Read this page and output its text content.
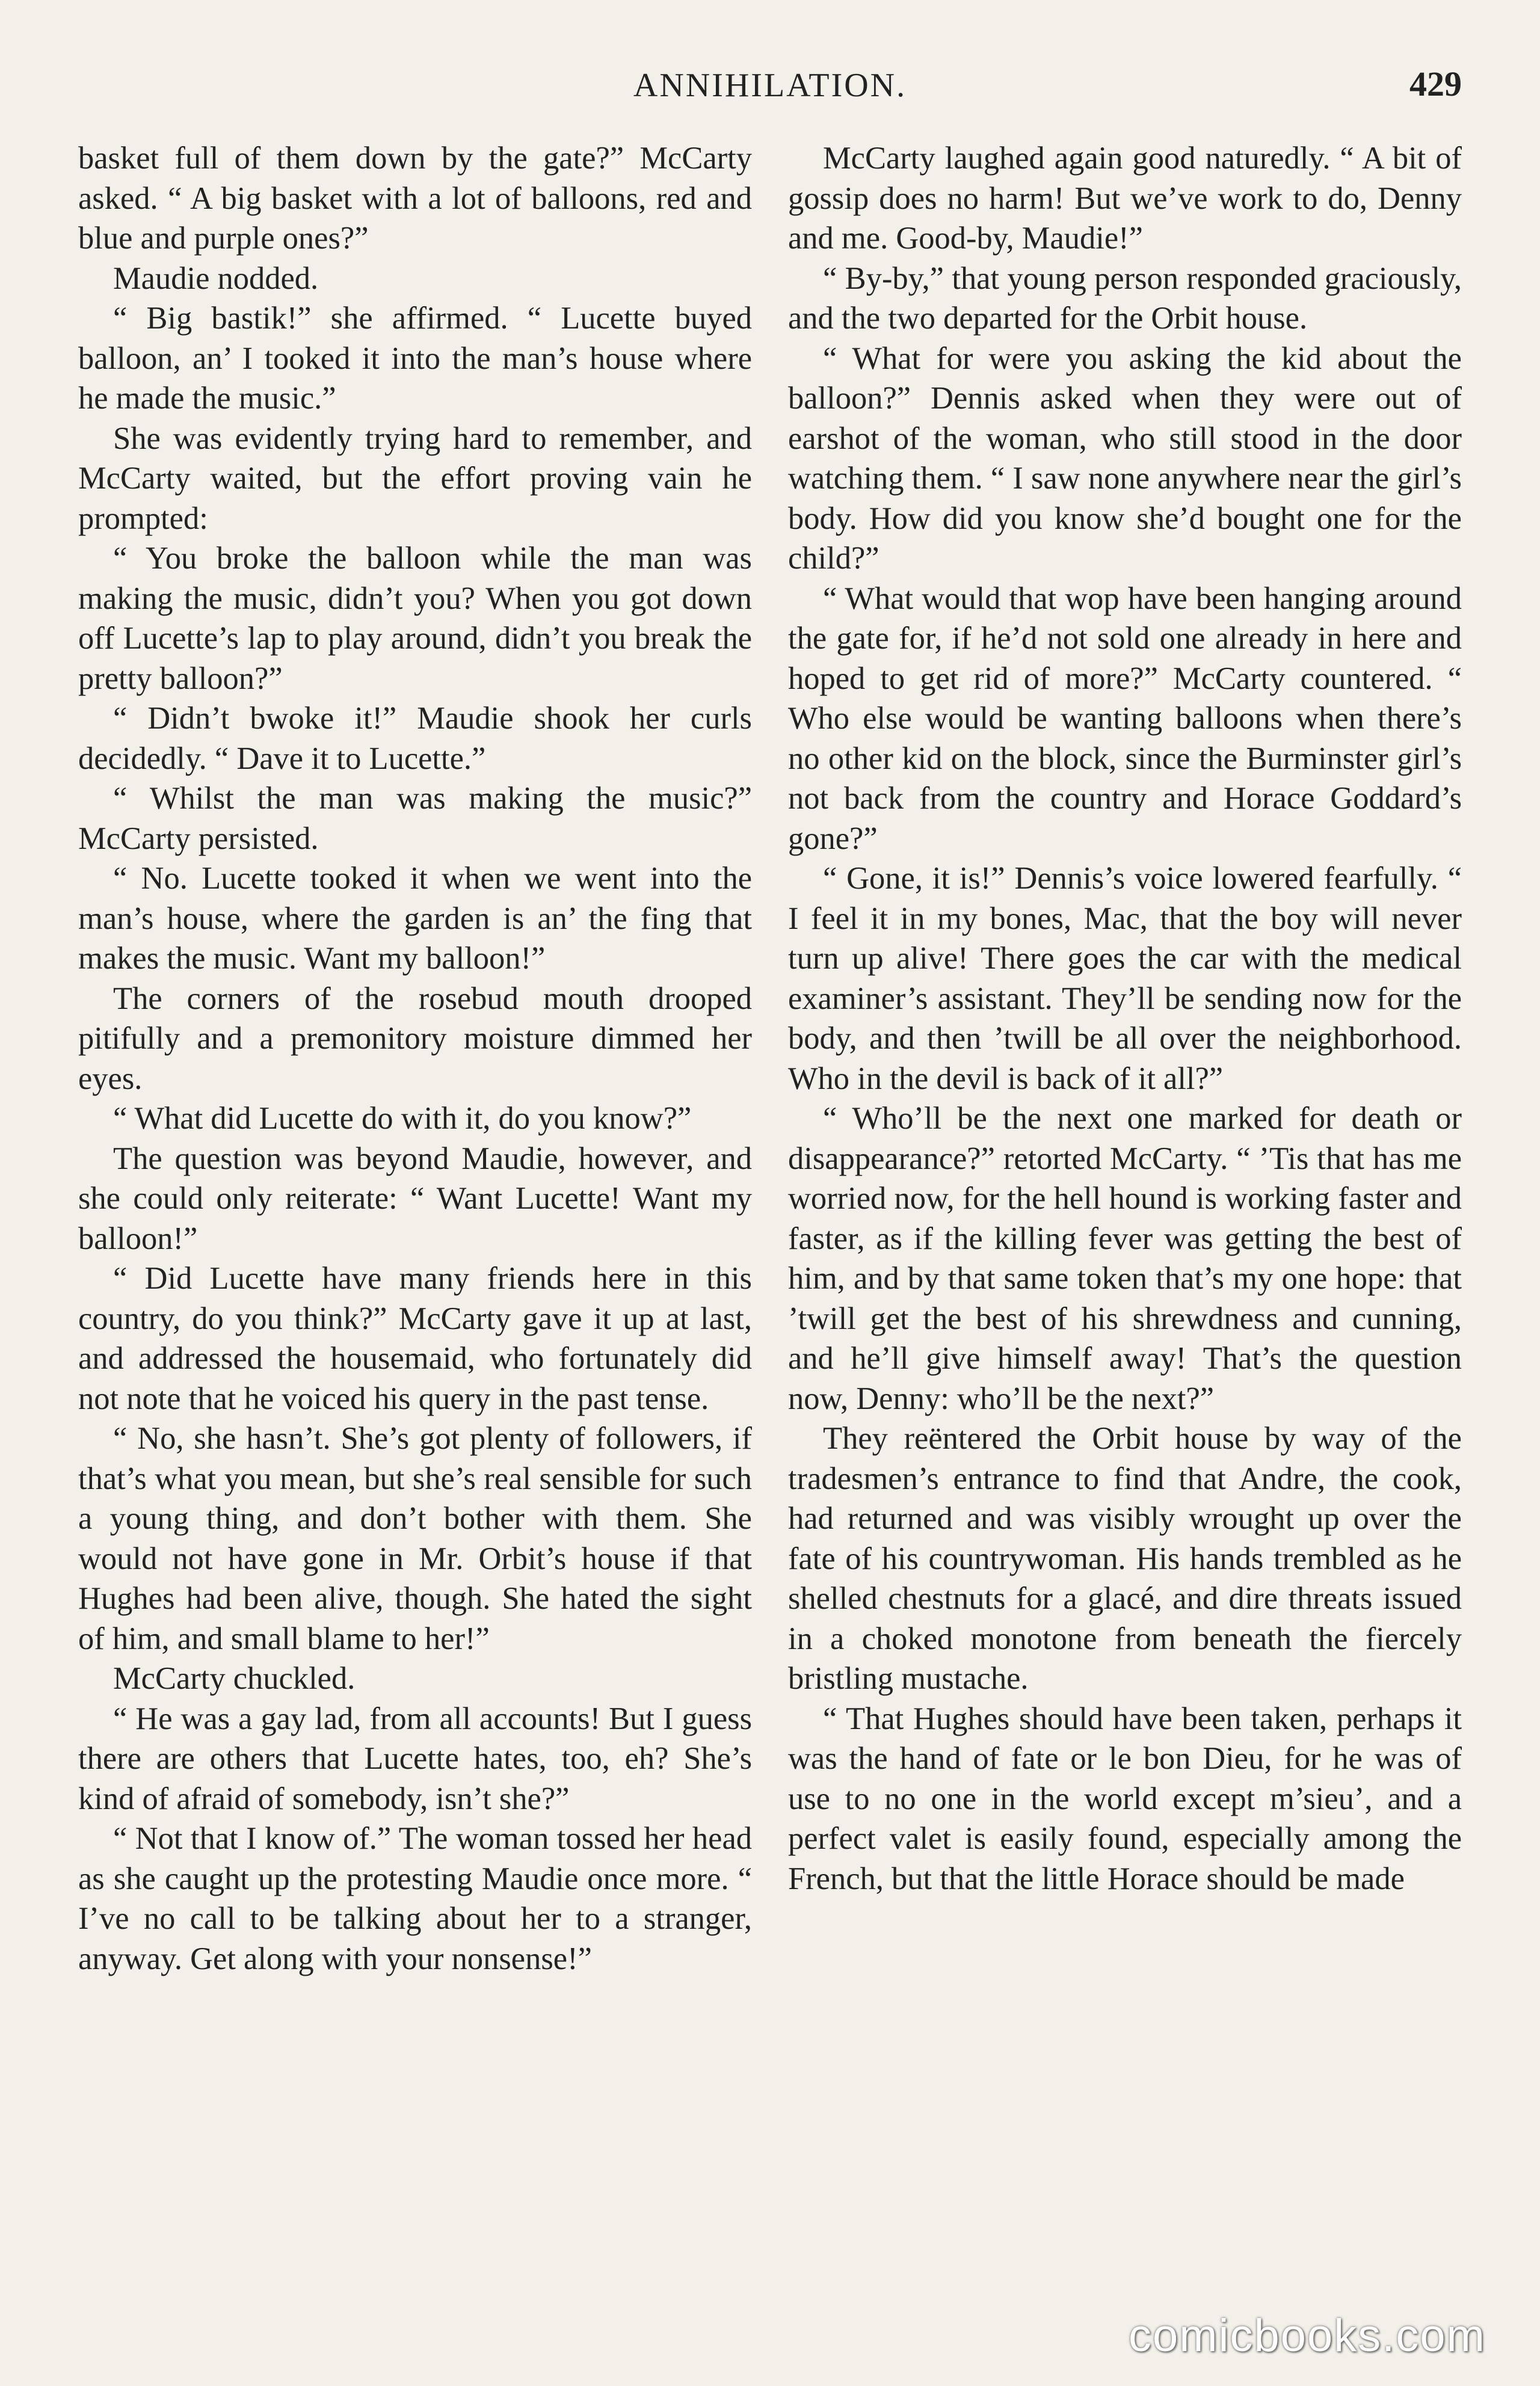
ANNIHILATION.	429

basket full of them down by the gate?” McCarty asked. “ A big basket with a lot of balloons, red and blue and purple ones?”

Maudie nodded.

“ Big bastik!” she affirmed. “ Lucette buyed balloon, an’ I tooked it into the man’s house where he made the music.”

She was evidently trying hard to remember, and McCarty waited, but the effort proving vain he prompted:

“ You broke the balloon while the man was making the music, didn’t you? When you got down off Lucette’s lap to play around, didn’t you break the pretty balloon?”

“ Didn’t bwoke it!” Maudie shook her curls decidedly. “ Dave it to Lucette.”

“ Whilst the man was making the music?” McCarty persisted.

“ No. Lucette tooked it when we went into the man’s house, where the garden is an’ the fing that makes the music. Want my balloon!”

The corners of the rosebud mouth drooped pitifully and a premonitory moisture dimmed her eyes.

“ What did Lucette do with it, do you know?”

The question was beyond Maudie, however, and she could only reiterate: “ Want Lucette! Want my balloon!”

“ Did Lucette have many friends here in this country, do you think?” McCarty gave it up at last, and addressed the housemaid, who fortunately did not note that he voiced his query in the past tense.

“ No, she hasn’t. She’s got plenty of followers, if that’s what you mean, but she’s real sensible for such a young thing, and don’t bother with them. She would not have gone in Mr. Orbit’s house if that Hughes had been alive, though. She hated the sight of him, and small blame to her!”

McCarty chuckled.

“ He was a gay lad, from all accounts! But I guess there are others that Lucette hates, too, eh? She’s kind of afraid of somebody, isn’t she?”

“ Not that I know of.” The woman tossed her head as she caught up the protesting Maudie once more. “ I’ve no call to be talking about her to a stranger, anyway. Get along with your nonsense!”

McCarty laughed again good naturedly. “ A bit of gossip does no harm! But we’ve work to do, Denny and me. Good-by, Maudie!”

“ By-by,” that young person responded graciously, and the two departed for the Orbit house.

“ What for were you asking the kid about the balloon?” Dennis asked when they were out of earshot of the woman, who still stood in the door watching them. “ I saw none anywhere near the girl’s body. How did you know she’d bought one for the child?”

“ What would that wop have been hanging around the gate for, if he’d not sold one already in here and hoped to get rid of more?” McCarty countered. “ Who else would be wanting balloons when there’s no other kid on the block, since the Burminster girl’s not back from the country and Horace Goddard’s gone?”

“ Gone, it is!” Dennis’s voice lowered fearfully. “ I feel it in my bones, Mac, that the boy will never turn up alive! There goes the car with the medical examiner’s assistant. They’ll be sending now for the body, and then ’twill be all over the neighborhood. Who in the devil is back of it all?”

“ Who’ll be the next one marked for death or disappearance?” retorted McCarty. “ ’Tis that has me worried now, for the hell hound is working faster and faster, as if the killing fever was getting the best of him, and by that same token that’s my one hope: that ’twill get the best of his shrewdness and cunning, and he’ll give himself away! That’s the question now, Denny: who’ll be the next?”

They reëntered the Orbit house by way of the tradesmen’s entrance to find that Andre, the cook, had returned and was visibly wrought up over the fate of his countrywoman. His hands trembled as he shelled chestnuts for a glacé, and dire threats issued in a choked monotone from beneath the fiercely bristling mustache.

“ That Hughes should have been taken, perhaps it was the hand of fate or le bon Dieu, for he was of use to no one in the world except m’sieu’, and a perfect valet is easily found, especially among the French, but that the little Horace should be made

comicbooks.com
